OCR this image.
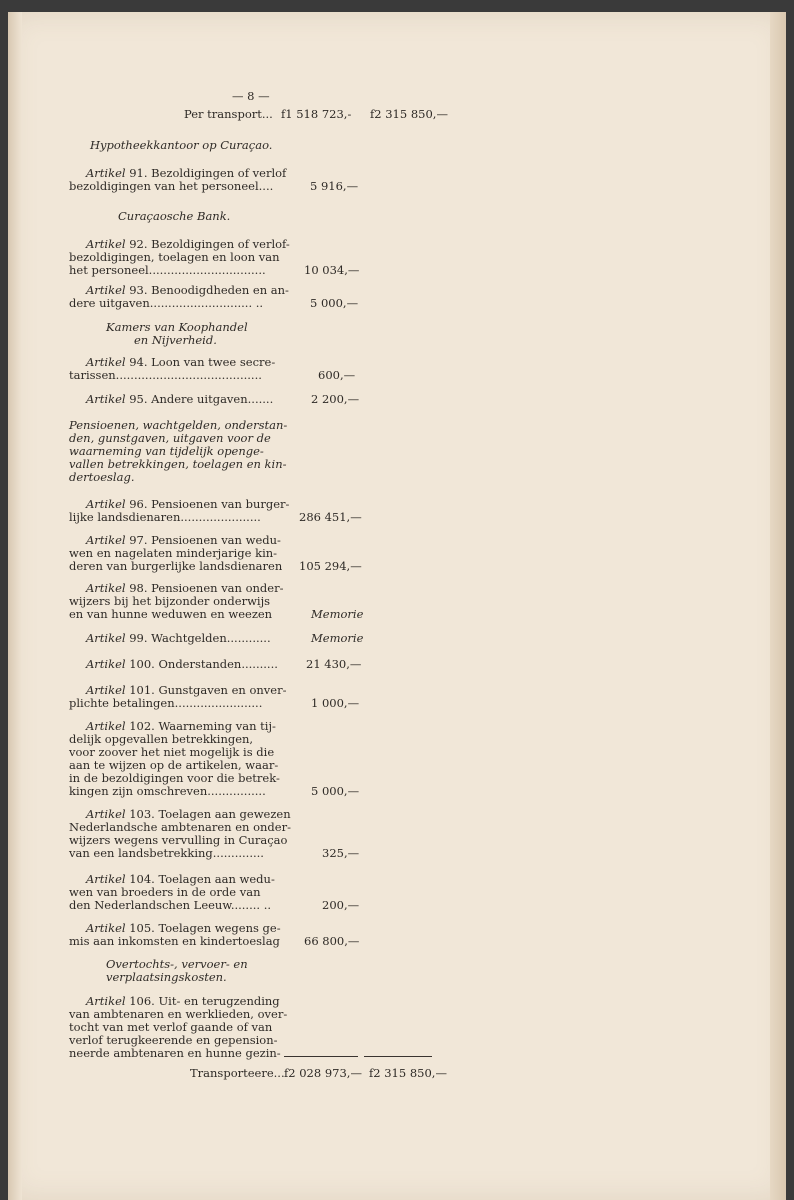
— 8 —
Per transport... f1 518 723,- f2 315 850,—
Hypotheekkantoor op Curaçao.
Artikel 91. Bezoldigingen of verlof
bezoldigingen van het personeel....	5 916,—
Curaçaosche Bank.
Artikel 92. Bezoldigingen of verlof-
bezoldigingen, toelagen en loon van
het personeel................................	10 034,—
Artikel 93. Benoodigdheden en an-
dere uitgaven............................ ..	5 000,—
Kamers van Koophandel
en Nijverheid.
Artikel 94. Loon van twee secre-
tarissen........................................	600,—
Artikel 95. Andere uitgaven.......	2 200,—
Pensioenen, wachtgelden, onderstan-
den, gunstgaven, uitgaven voor de
waarneming van tijdelijk openge-
vallen betrekkingen, toelagen en kin-
dertoeslag.
Artikel 96. Pensioenen van burger-
lijke landsdienaren......................	286 451,—
Artikel 97. Pensioenen van wedu-
wen en nagelaten minderjarige kin-
deren van burgerlijke landsdienaren 105 294,—
Artikel 98. Pensioenen van onder-
wijzers bij het bijzonder onderwijs
en van hunne weduwen en weezen	Memorie
Artikel 99. Wachtgelden............	Memorie
Artikel 100. Onderstanden.......... 21 430,—
Artikel 101. Gunstgaven en onver-
plichte betalingen........................	1 000,—
Artikel 102. Waarneming van tij-
delijk opgevallen betrekkingen,
voor zoover het niet mogelijk is die
aan te wijzen op de artikelen, waar-
in de bezoldigingen voor die betrek-
kingen zijn omschreven................	5 000,—
Artikel 103. Toelagen aan gewezen
Nederlandsche ambtenaren en onder-
wijzers wegens vervulling in Curaçao
van een landsbetrekking..............	325,—
Artikel 104. Toelagen aan wedu-
wen van broeders in de orde van
den Nederlandschen Leeuw........ ..	200,—
Artikel 105. Toelagen wegens ge-
mis aan inkomsten en kindertoeslag 66 800,—
Overtochts-, vervoer- en
verplaatsingskosten.
Artikel 106. Uit- en terugzending
van ambtenaren en werklieden, over-
tocht van met verlof gaande of van
verlof terugkeerende en gepension-
neerde ambtenaren en hunne gezin-
Transporteere... f2 028 973,— f2 315 850,—
